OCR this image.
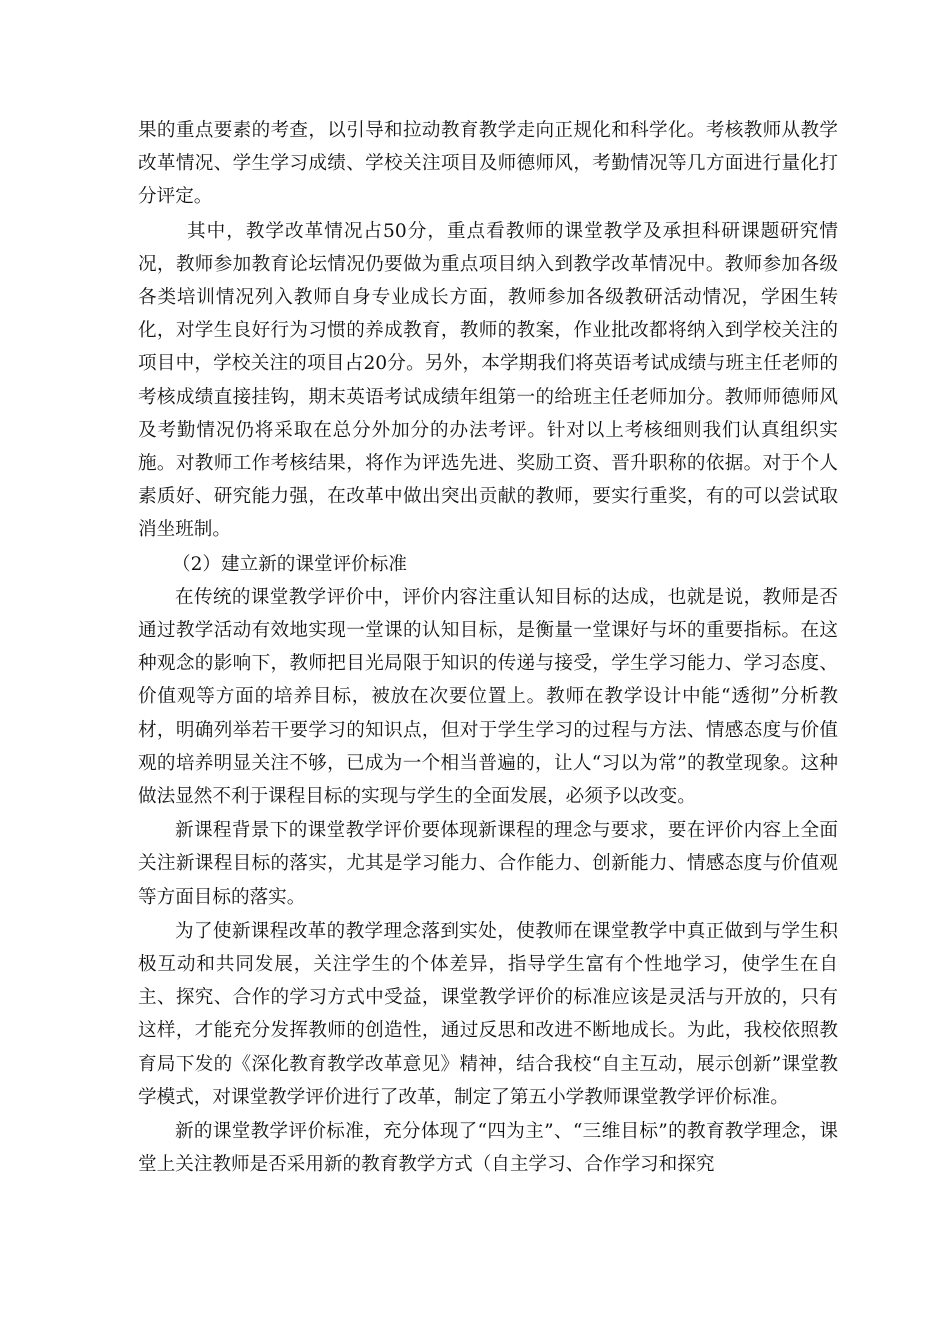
果的重点要素的考查，以引导和拉动教育教学走向正规化和科学化。考核教师从教学改革情况、学生学习成绩、学校关注项目及师德师风，考勤情况等几方面进行量化打分评定。

其中，教学改革情况占50分，重点看教师的课堂教学及承担科研课题研究情况，教师参加教育论坛情况仍要做为重点项目纳入到教学改革情况中。教师参加各级各类培训情况列入教师自身专业成长方面，教师参加各级教研活动情况，学困生转化，对学生良好行为习惯的养成教育，教师的教案，作业批改都将纳入到学校关注的项目中，学校关注的项目占20分。另外，本学期我们将英语考试成绩与班主任老师的考核成绩直接挂钩，期末英语考试成绩年组第一的给班主任老师加分。教师师德师风及考勤情况仍将采取在总分外加分的办法考评。针对以上考核细则我们认真组织实施。对教师工作考核结果，将作为评选先进、奖励工资、晋升职称的依据。对于个人素质好、研究能力强，在改革中做出突出贡献的教师，要实行重奖，有的可以尝试取消坐班制。

（2）建立新的课堂评价标准

在传统的课堂教学评价中，评价内容注重认知目标的达成，也就是说，教师是否通过教学活动有效地实现一堂课的认知目标，是衡量一堂课好与坏的重要指标。在这种观念的影响下，教师把目光局限于知识的传递与接受，学生学习能力、学习态度、价值观等方面的培养目标，被放在次要位置上。教师在教学设计中能“透彻”分析教材，明确列举若干要学习的知识点，但对于学生学习的过程与方法、情感态度与价值观的培养明显关注不够，已成为一个相当普遍的，让人“习以为常”的教堂现象。这种做法显然不利于课程目标的实现与学生的全面发展，必须予以改变。

新课程背景下的课堂教学评价要体现新课程的理念与要求，要在评价内容上全面关注新课程目标的落实，尤其是学习能力、合作能力、创新能力、情感态度与价值观等方面目标的落实。

为了使新课程改革的教学理念落到实处，使教师在课堂教学中真正做到与学生积极互动和共同发展，关注学生的个体差异，指导学生富有个性地学习，使学生在自主、探究、合作的学习方式中受益，课堂教学评价的标准应该是灵活与开放的，只有这样，才能充分发挥教师的创造性，通过反思和改进不断地成长。为此，我校依照教育局下发的《深化教育教学改革意见》精神，结合我校“自主互动，展示创新”课堂教学模式，对课堂教学评价进行了改革，制定了第五小学教师课堂教学评价标准。

新的课堂教学评价标准，充分体现了“四为主”、“三维目标”的教育教学理念，课堂上关注教师是否采用新的教育教学方式（自主学习、合作学习和探究
